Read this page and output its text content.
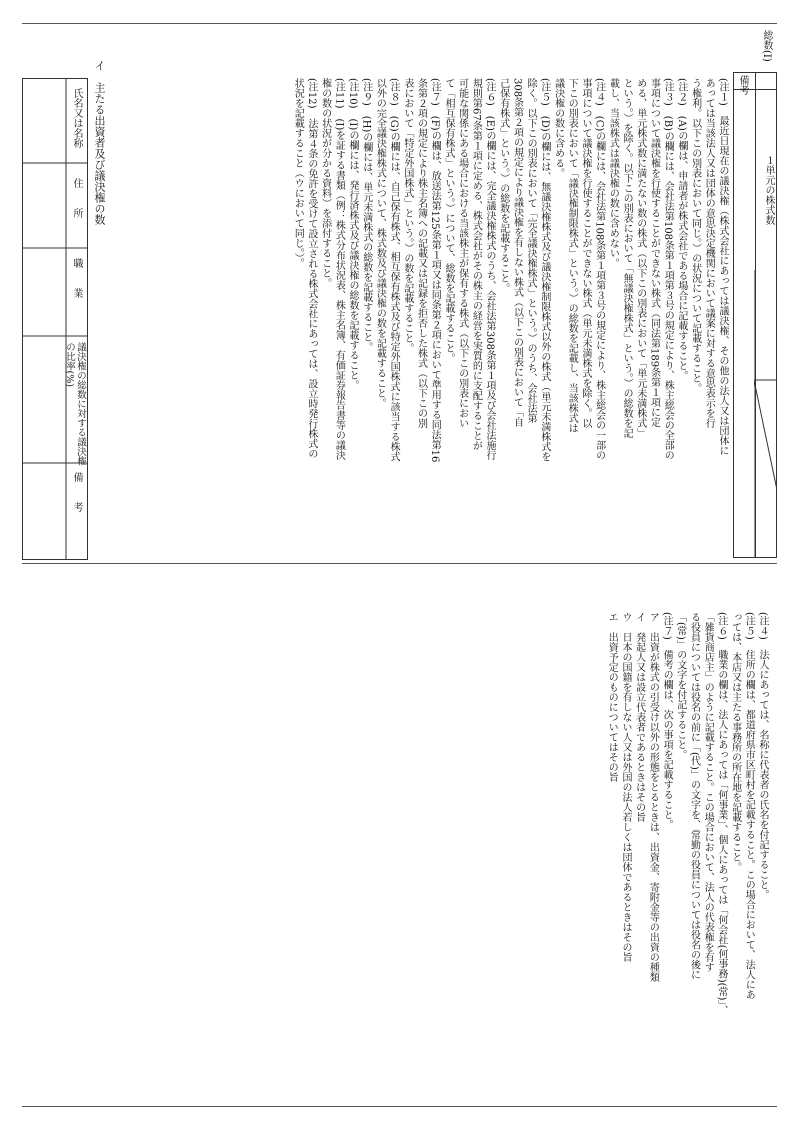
総数(I)
備考
１単元の株式数
(注１)　最近日現在の議決権（株式会社にあっては議決権、その他の法人又は団体に
あっては当該法人又は団体の意思決定機関において議案に対する意思表示を行
う権利。以下この別表において同じ。）の状況について記載すること。
(注２)　(A)の欄は、申請者が株式会社である場合に記載すること。
(注３)　(B)の欄には、会社法第108条第１項第３号の規定により、株主総会の全部の
事項について議決権を行使することができない株式（同法第189条第１項に定
める、単元株式数に満たない数の株式（以下この別表において「単元未満株式」
という。）を除く。以下この別表において「無議決権株式」という。）の総数を記
載し、当該株式は議決権の数に含めない。
(注４)　(C)の欄には、会社法第108条第１項第３号の規定により、株主総会の一部の
事項について議決権を行使することができない株式（単元未満株式を除く。以
下この別表において「議決権制限株式」という。）の総数を記載し、当該株式は
議決権の数に含める。
(注５)　(D)の欄には、無議決権株式及び議決権制限株式以外の株式（単元未満株式を
除く。以下この別表において「完全議決権株式」という。）のうち、会社法第
308条第２項の規定により議決権を有しない株式（以下この別表において「自
己保有株式」という。）の総数を記載すること。
(注６)　(E)の欄には、完全議決権株式のうち、会社法第308条第１項及び会社法施行
規則第67条第１項に定める、株式会社がその株主の経営を実質的に支配することが
可能な関係にある場合における当該株主が保有する株式（以下この別表におい
て「相互保有株式」という。）について、総数を記載すること。
(注７)　(F)の欄は、放送法第125条第１項又は同条第２項において準用する同法第16
条第２項の規定により株主名簿への記載又は記録を拒否した株式（以下この別
表において「特定外国株式」という。）の数を記載すること。
(注８)　(G)の欄には、自己保有株式、相互保有株式及び特定外国株式に該当する株式
以外の完全議決権株式について、株式数及び議決権の数を記載すること。
(注９)　(H)の欄には、単元未満株式の総数を記載すること。
(注10)　(I)の欄には、発行済株式及び議決権の総数を記載すること。
(注11)　(I)を証する書類（例：株式分布状況表、株主名簿、有価証券報告書等の議決
権の数の状況が分かる資料）を添付すること。
(注12)　法第４条の免許を受けて設立される株式会社にあっては、設立時発行株式の
状況を記載すること（ウにおいて同じ。）。
イ　主たる出資者及び議決権の数
氏名又は名称
住　　所
職　　業
議決権の総数に対する議決権の比率(%)
備　　考
(注４)　法人にあっては、名称に代表者の氏名を付記すること。
(注５)　住所の欄は、都道府県市区町村を記載すること。この場合において、法人にあ
っては、本店又は主たる事務所の所在地を記載すること。
(注６)　職業の欄は、法人にあっては「何事業」、個人にあっては「何会社(何事務)(常)」、
「雑貨商店主」のように記載すること。この場合において、法人の代表権を有す
る役員については役名の前に「(代)」の文字を、常勤の役員については役名の後に
「(常)」の文字を付記すること。
(注７)　備考の欄は、次の事項を記載すること。
ア　出資が株式の引受け以外の形態をとるときは、出資金、寄附金等の出資の種類
イ　発起人又は設立代表者であるときはその旨
ウ　日本の国籍を有しない人又は外国の法人若しくは団体であるときはその旨
エ　出資予定のものについてはその旨
